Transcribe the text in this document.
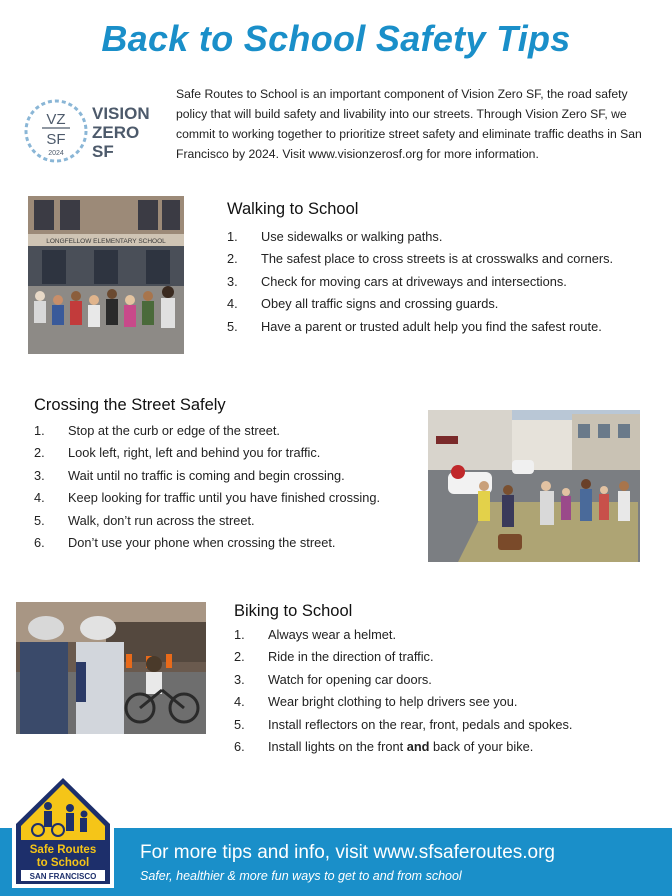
Back to School Safety Tips
VZ
SF
2024
VISION
ZERO
SF
Safe Routes to School is an important component of Vision Zero SF, the road safety policy that will build safety and livability into our streets. Through Vision Zero SF, we commit to working together to prioritize street safety and eliminate traffic deaths in San Francisco by 2024. Visit www.visionzerosf.org for more information.
LONGFELLOW ELEMENTARY SCHOOL
Walking to School
1.	Use sidewalks or walking paths.
2.	The safest place to cross streets is at crosswalks and corners.
3.	Check for moving cars at driveways and intersections.
4.	Obey all traffic signs and crossing guards.
5.	Have a parent or trusted adult help you find the safest route.
Crossing the Street Safely
1.	Stop at the curb or edge of the street.
2.	Look left, right, left and behind you for traffic.
3.	Wait until no traffic is coming and begin crossing.
4.	Keep looking for traffic until you have finished crossing.
5.	Walk, don’t run across the street.
6.	Don’t use your phone when crossing the street.
Biking to School
1.	Always wear a helmet.
2.	Ride in the direction of traffic.
3.	Watch for opening car doors.
4.	Wear bright clothing to help drivers see you.
5.	Install reflectors on the rear, front, pedals and spokes.
6.	Install lights on the front and back of your bike.
For more tips and info, visit www.sfsaferoutes.org
Safer, healthier & more fun ways to get to and from school
Safe Routes
to School
SAN FRANCISCO
